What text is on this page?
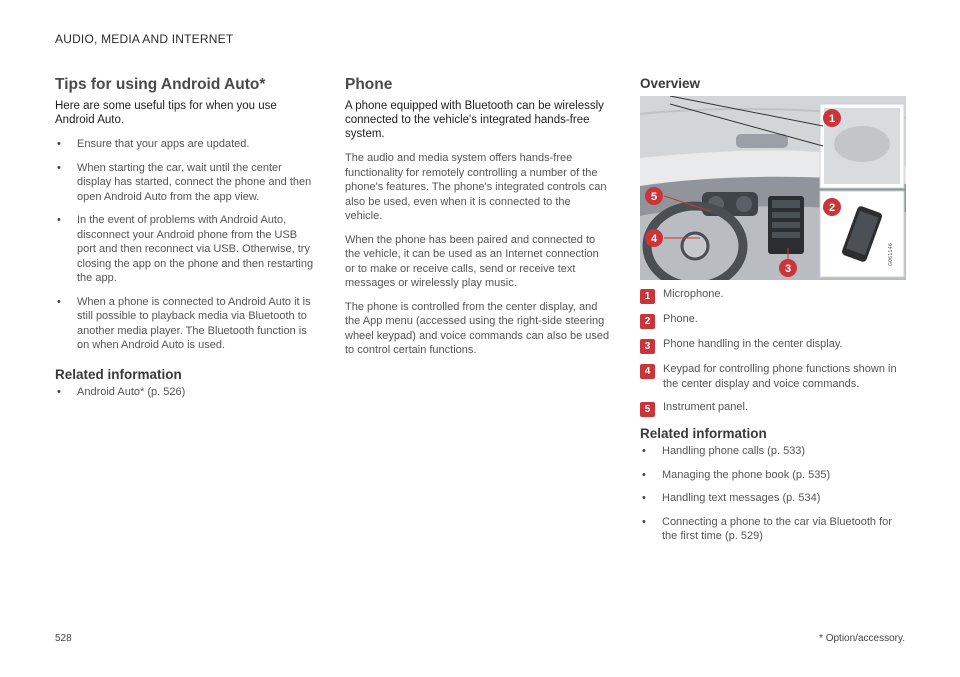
AUDIO, MEDIA AND INTERNET
Tips for using Android Auto*

Here are some useful tips for when you use Android Auto.

• Ensure that your apps are updated.
• When starting the car, wait until the center display has started, connect the phone and then open Android Auto from the app view.
• In the event of problems with Android Auto, disconnect your Android phone from the USB port and then reconnect via USB. Otherwise, try closing the app on the phone and then restarting the app.
• When a phone is connected to Android Auto it is still possible to playback media via Bluetooth to another media player. The Bluetooth function is on when Android Auto is used.
Related information
• Android Auto* (p. 526)
Phone

A phone equipped with Bluetooth can be wirelessly connected to the vehicle's integrated hands-free system.

The audio and media system offers hands-free functionality for remotely controlling a number of the phone's features. The phone's integrated controls can also be used, even when it is connected to the vehicle.

When the phone has been paired and connected to the vehicle, it can be used as an Internet connection or to make or receive calls, send or receive text messages or wirelessly play music.

The phone is controlled from the center display, and the App menu (accessed using the right-side steering wheel keypad) and voice commands can also be used to control certain functions.

Overview
G061146
1
2
3
4
5
1	Microphone.
2	Phone.
3	Phone handling in the center display.
4	Keypad for controlling phone functions shown in the center display and voice commands.
5	Instrument panel.
Related information
• Handling phone calls (p. 533)
• Managing the phone book (p. 535)
• Handling text messages (p. 534)
• Connecting a phone to the car via Bluetooth for the first time (p. 529)
528	* Option/accessory.
